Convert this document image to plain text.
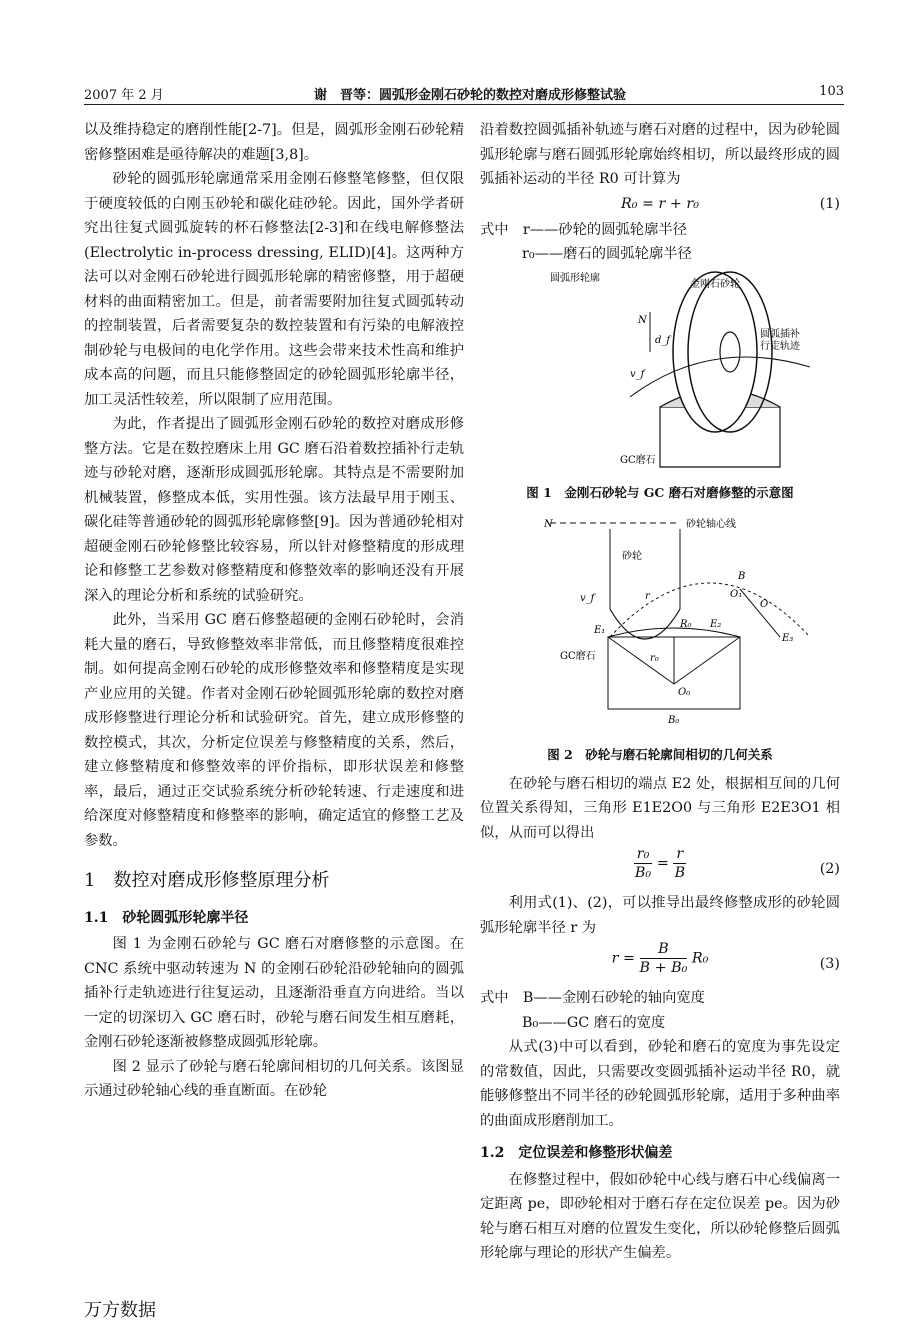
2007 年 2 月	谢　晋等：圆弧形金刚石砂轮的数控对磨成形修整试验	103

以及维持稳定的磨削性能[2-7]。但是，圆弧形金刚石砂轮精密修整困难是亟待解决的难题[3,8]。

砂轮的圆弧形轮廓通常采用金刚石修整笔修整，但仅限于硬度较低的白刚玉砂轮和碳化硅砂轮。因此，国外学者研究出往复式圆弧旋转的杯石修整法[2-3]和在线电解修整法(Electrolytic in-process dressing, ELID)[4]。这两种方法可以对金刚石砂轮进行圆弧形轮廓的精密修整，用于超硬材料的曲面精密加工。但是，前者需要附加往复式圆弧转动的控制装置，后者需要复杂的数控装置和有污染的电解液控制砂轮与电极间的电化学作用。这些会带来技术性高和维护成本高的问题，而且只能修整固定的砂轮圆弧形轮廓半径，加工灵活性较差，所以限制了应用范围。

为此，作者提出了圆弧形金刚石砂轮的数控对磨成形修整方法。它是在数控磨床上用 GC 磨石沿着数控插补行走轨迹与砂轮对磨，逐渐形成圆弧形轮廓。其特点是不需要附加机械装置，修整成本低，实用性强。该方法最早用于刚玉、碳化硅等普通砂轮的圆弧形轮廓修整[9]。因为普通砂轮相对超硬金刚石砂轮修整比较容易，所以针对修整精度的形成理论和修整工艺参数对修整精度和修整效率的影响还没有开展深入的理论分析和系统的试验研究。

此外，当采用 GC 磨石修整超硬的金刚石砂轮时，会消耗大量的磨石，导致修整效率非常低，而且修整精度很难控制。如何提高金刚石砂轮的成形修整效率和修整精度是实现产业应用的关键。作者对金刚石砂轮圆弧形轮廓的数控对磨成形修整进行理论分析和试验研究。首先，建立成形修整的数控模式，其次，分析定位误差与修整精度的关系，然后，建立修整精度和修整效率的评价指标，即形状误差和修整率，最后，通过正交试验系统分析砂轮转速、行走速度和进给深度对修整精度和修整率的影响，确定适宜的修整工艺及参数。

1　数控对磨成形修整原理分析
1.1　砂轮圆弧形轮廓半径

图 1 为金刚石砂轮与 GC 磨石对磨修整的示意图。在 CNC 系统中驱动转速为 N 的金刚石砂轮沿砂轮轴向的圆弧插补行走轨迹进行往复运动，且逐渐沿垂直方向进给。当以一定的切深切入 GC 磨石时，砂轮与磨石间发生相互磨耗，金刚石砂轮逐渐被修整成圆弧形轮廓。

图 2 显示了砂轮与磨石轮廓间相切的几何关系。该图显示通过砂轮轴心线的垂直断面。在砂轮

沿着数控圆弧插补轨迹与磨石对磨的过程中，因为砂轮圆弧形轮廓与磨石圆弧形轮廓始终相切，所以最终形成的圆弧插补运动的半径 R0 可计算为

R₀ = r + r₀	(1)

式中　r——砂轮的圆弧轮廓半径

r₀——磨石的圆弧轮廓半径

圆弧形轮廓
金刚石砂轮
圆弧插补
行走轨迹
N
d_f
v_f
GC磨石
图 1　金刚石砂轮与 GC 磨石对磨修整的示意图
N	砂轮轴心线
砂轮
B
v_f	r
E₁
E₂
E₃
R₀
r₀
O
O₁
O₀
GC磨石
B₀
图 2　砂轮与磨石轮廓间相切的几何关系

在砂轮与磨石相切的端点 E2 处，根据相互间的几何位置关系得知，三角形 E1E2O0 与三角形 E2E3O1 相似，从而可以得出

$\frac{\text{r₀}}{\text{B₀}} = \frac{r}{B}$	(2)

利用式(1)、(2)，可以推导出最终修整成形的砂轮圆弧形轮廓半径 r 为

$r = \frac{B}{\text{B + B₀}} R_0$	(3)

式中　B——金刚石砂轮的轴向宽度

B₀——GC 磨石的宽度

从式(3)中可以看到，砂轮和磨石的宽度为事先设定的常数值，因此，只需要改变圆弧插补运动半径 R0，就能够修整出不同半径的砂轮圆弧形轮廓，适用于多种曲率的曲面成形磨削加工。

1.2　定位误差和修整形状偏差

在修整过程中，假如砂轮中心线与磨石中心线偏离一定距离 pe，即砂轮相对于磨石存在定位误差 pe。因为砂轮与磨石相互对磨的位置发生变化，所以砂轮修整后圆弧形轮廓与理论的形状产生偏差。

万方数据
